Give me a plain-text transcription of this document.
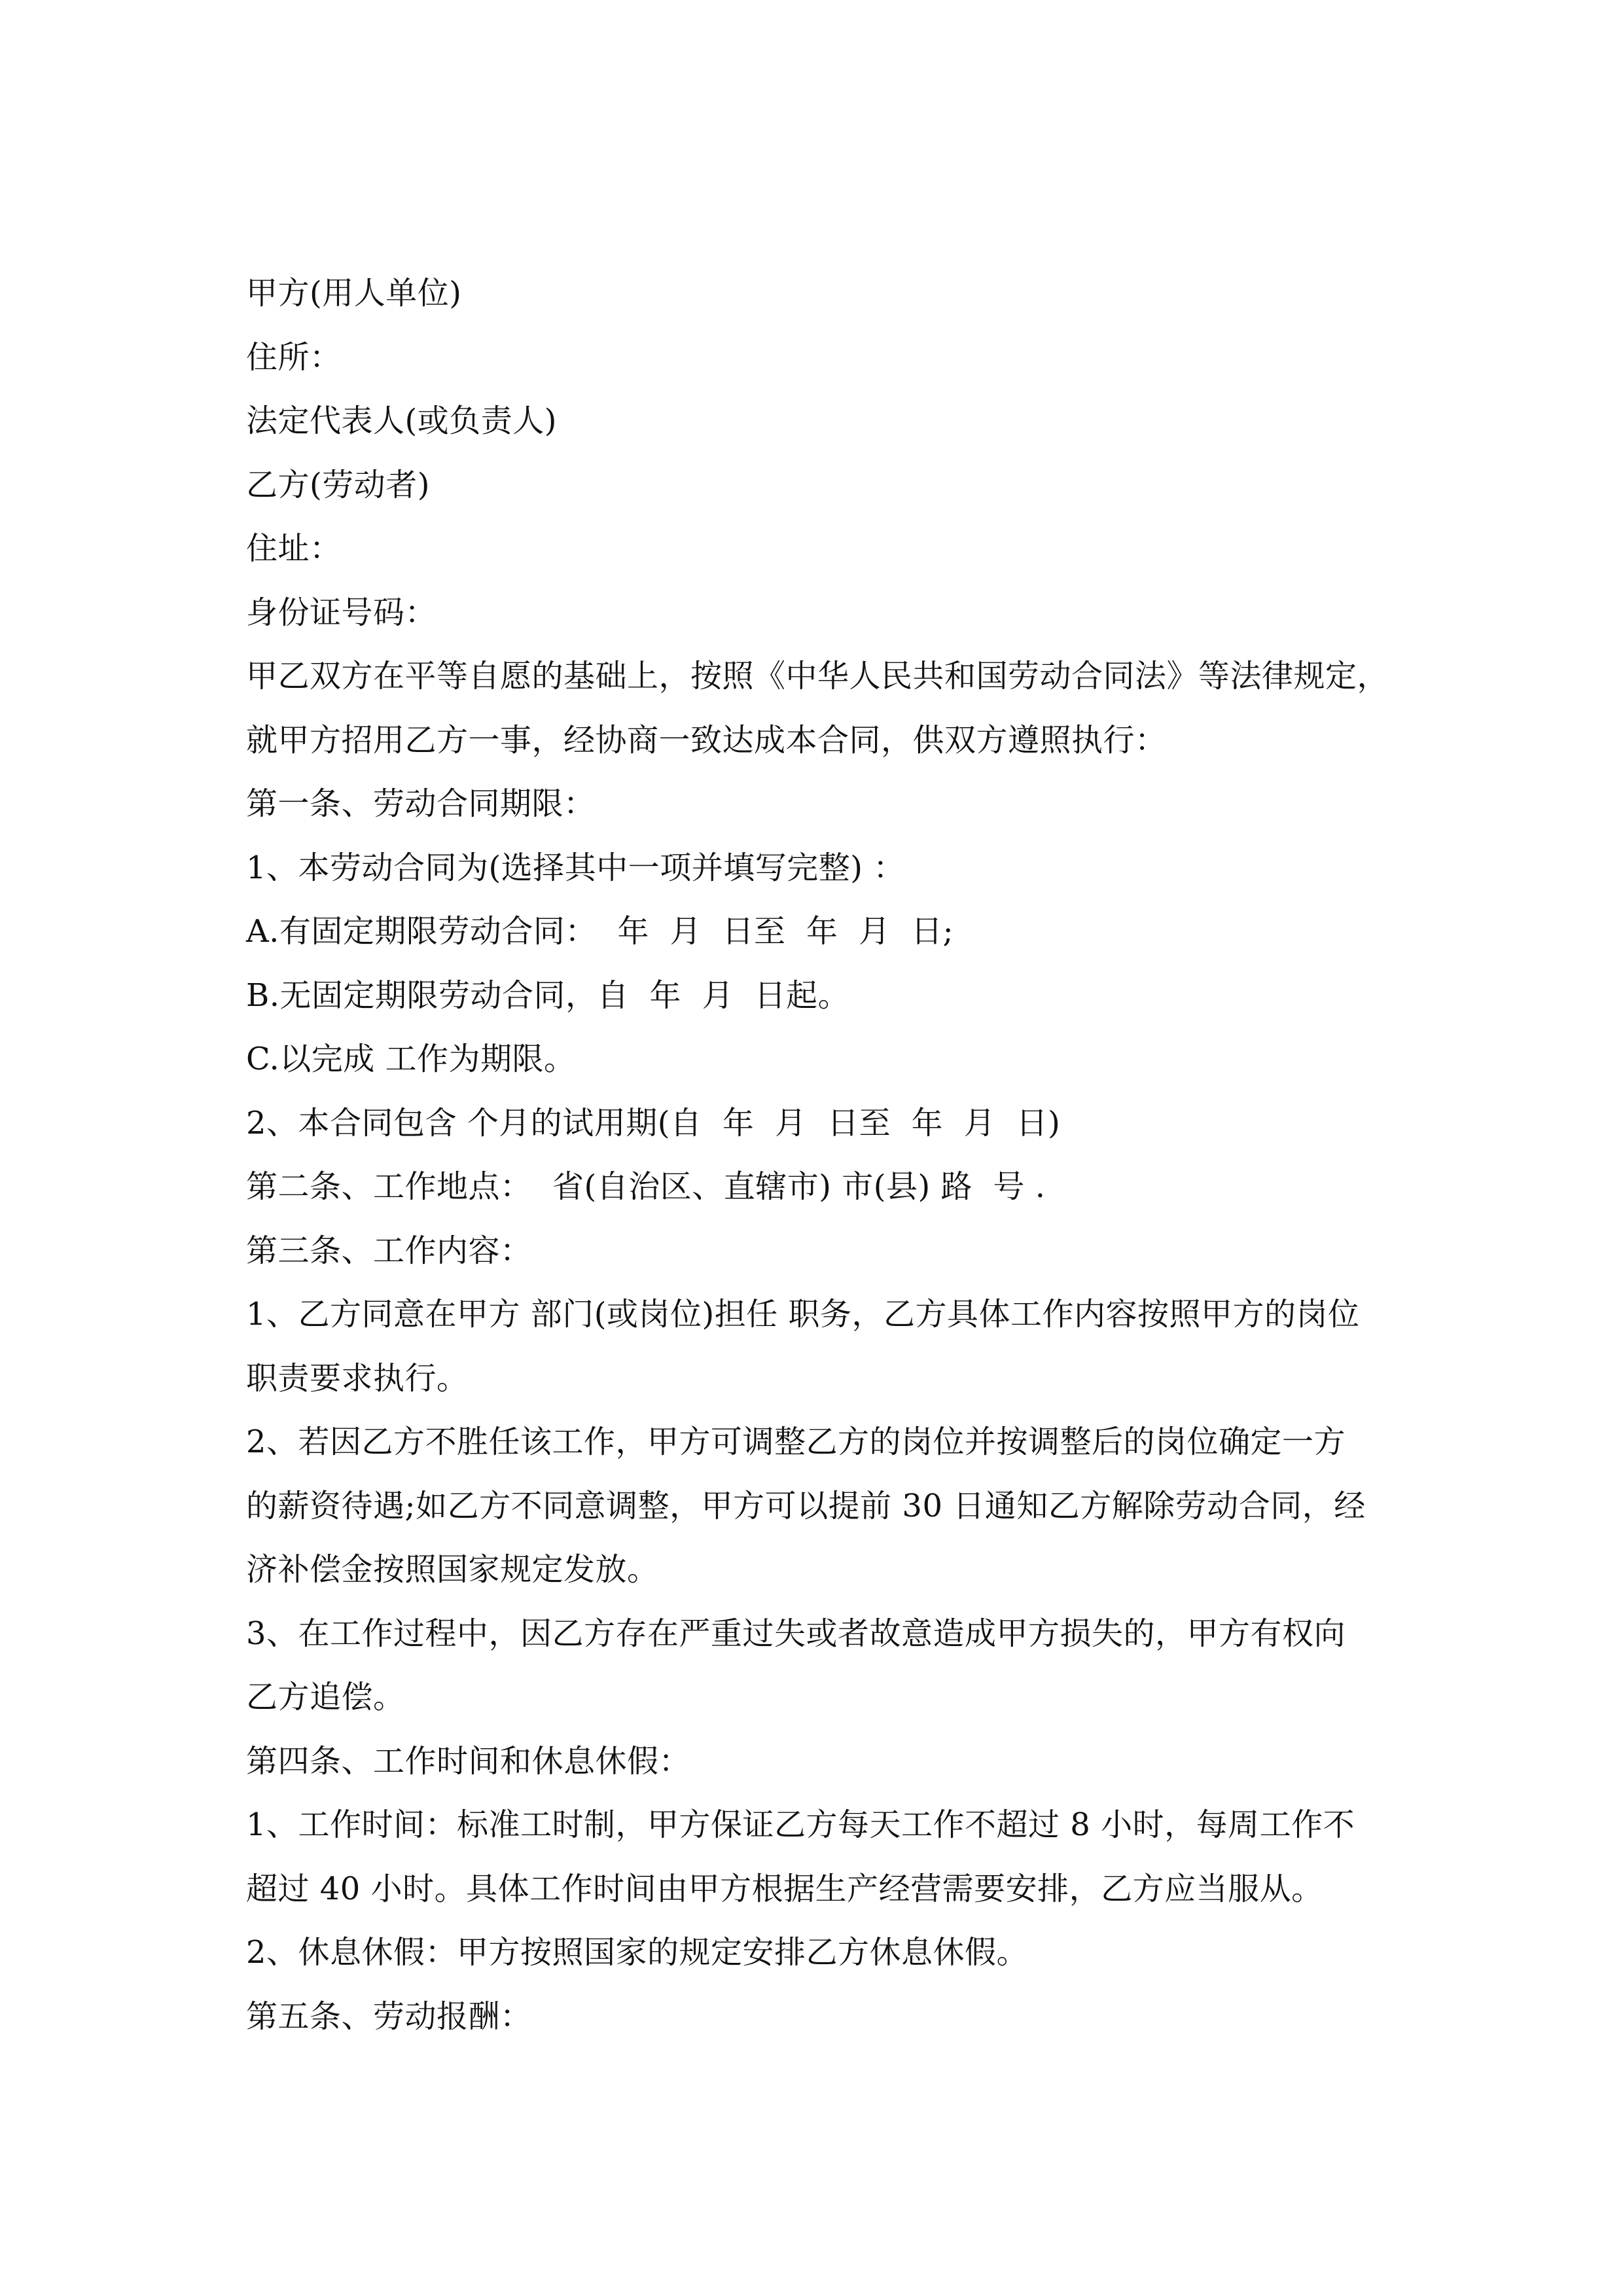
甲方(用人单位)
住所：
法定代表人(或负责人)
乙方(劳动者)
住址：
身份证号码：
甲乙双方在平等自愿的基础上，按照《中华人民共和国劳动合同法》等法律规定，
就甲方招用乙方一事，经协商一致达成本合同，供双方遵照执行：
第一条、劳动合同期限：
1、本劳动合同为(选择其中一项并填写完整) ：
A.有固定期限劳动合同：  年  月  日至  年  月  日;
B.无固定期限劳动合同，自  年  月  日起。
C.以完成 工作为期限。
2、本合同包含 个月的试用期(自  年  月  日至  年  月  日)
第二条、工作地点：  省(自治区、直辖市) 市(县) 路  号 .
第三条、工作内容：
1、乙方同意在甲方 部门(或岗位)担任 职务，乙方具体工作内容按照甲方的岗位
职责要求执行。
2、若因乙方不胜任该工作，甲方可调整乙方的岗位并按调整后的岗位确定一方
的薪资待遇;如乙方不同意调整，甲方可以提前 30 日通知乙方解除劳动合同，经
济补偿金按照国家规定发放。
3、在工作过程中，因乙方存在严重过失或者故意造成甲方损失的，甲方有权向
乙方追偿。
第四条、工作时间和休息休假：
1、工作时间：标准工时制，甲方保证乙方每天工作不超过 8 小时，每周工作不
超过 40 小时。具体工作时间由甲方根据生产经营需要安排，乙方应当服从。
2、休息休假：甲方按照国家的规定安排乙方休息休假。
第五条、劳动报酬：
